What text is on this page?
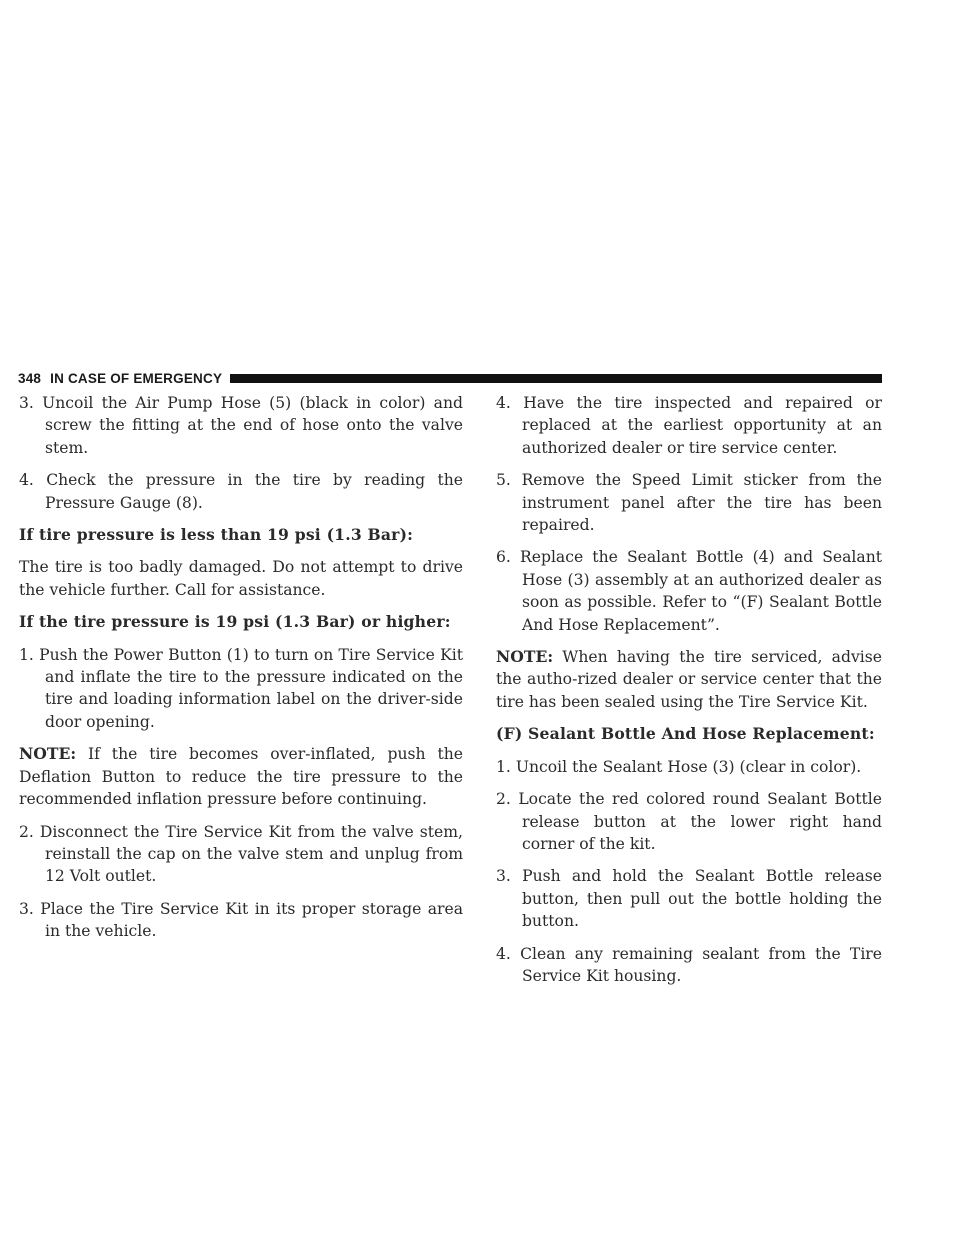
348 IN CASE OF EMERGENCY

3. Uncoil the Air Pump Hose (5) (black in color) and screw the fitting at the end of hose onto the valve stem.

4. Check the pressure in the tire by reading the Pressure Gauge (8).

If tire pressure is less than 19 psi (1.3 Bar):

The tire is too badly damaged. Do not attempt to drive the vehicle further. Call for assistance.

If the tire pressure is 19 psi (1.3 Bar) or higher:

1. Push the Power Button (1) to turn on Tire Service Kit and inflate the tire to the pressure indicated on the tire and loading information label on the driver-side door opening.

NOTE: If the tire becomes over-inflated, push the Deflation Button to reduce the tire pressure to the recommended inflation pressure before continuing.

2. Disconnect the Tire Service Kit from the valve stem, reinstall the cap on the valve stem and unplug from 12 Volt outlet.

3. Place the Tire Service Kit in its proper storage area in the vehicle.

4. Have the tire inspected and repaired or replaced at the earliest opportunity at an authorized dealer or tire service center.

5. Remove the Speed Limit sticker from the instrument panel after the tire has been repaired.

6. Replace the Sealant Bottle (4) and Sealant Hose (3) assembly at an authorized dealer as soon as possible. Refer to “(F) Sealant Bottle And Hose Replacement”.

NOTE: When having the tire serviced, advise the autho-rized dealer or service center that the tire has been sealed using the Tire Service Kit.

(F) Sealant Bottle And Hose Replacement:

1. Uncoil the Sealant Hose (3) (clear in color).

2. Locate the red colored round Sealant Bottle release button at the lower right hand corner of the kit.

3. Push and hold the Sealant Bottle release button, then pull out the bottle holding the button.

4. Clean any remaining sealant from the Tire Service Kit housing.
